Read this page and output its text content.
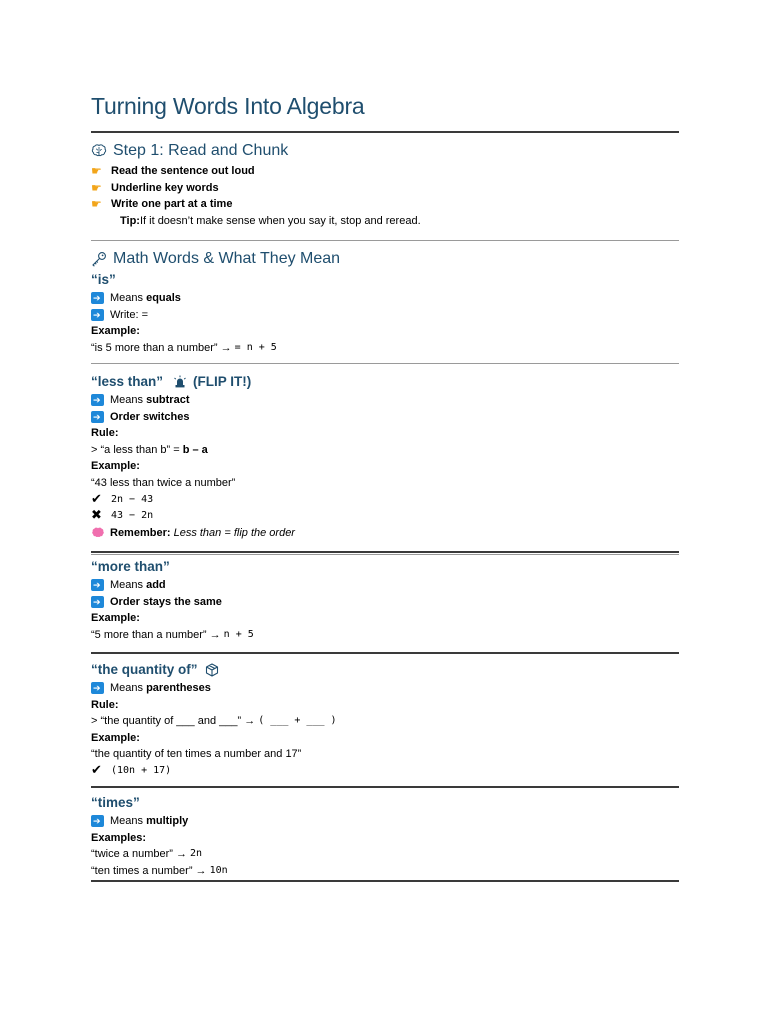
Turning Words Into Algebra
Step 1: Read and Chunk
☛ Read the sentence out loud
☛ Underline key words
☛ Write one part at a time
Tip: If it doesn’t make sense when you say it, stop and reread.
Math Words & What They Mean
“is”
➔
Means equals
➔
Write: =
Example:
“is 5 more than a number” → = n + 5
“less than” (FLIP IT!)
➔
Means subtract
➔
Order switches
Rule:
> “a less than b” = b – a
Example:
“43 less than twice a number”
✔ 2n − 43
✖ 43 − 2n
Remember: Less than = flip the order
“more than”
➔
Means add
➔
Order stays the same
Example:
“5 more than a number” → n + 5
“the quantity of”
➔
Means parentheses
Rule:
> “the quantity of ___ and ___” → ( ___ + ___ )
Example:
“the quantity of ten times a number and 17”
✔ (10n + 17)
“times”
➔
Means multiply
Examples:
“twice a number” → 2n
“ten times a number” → 10n
